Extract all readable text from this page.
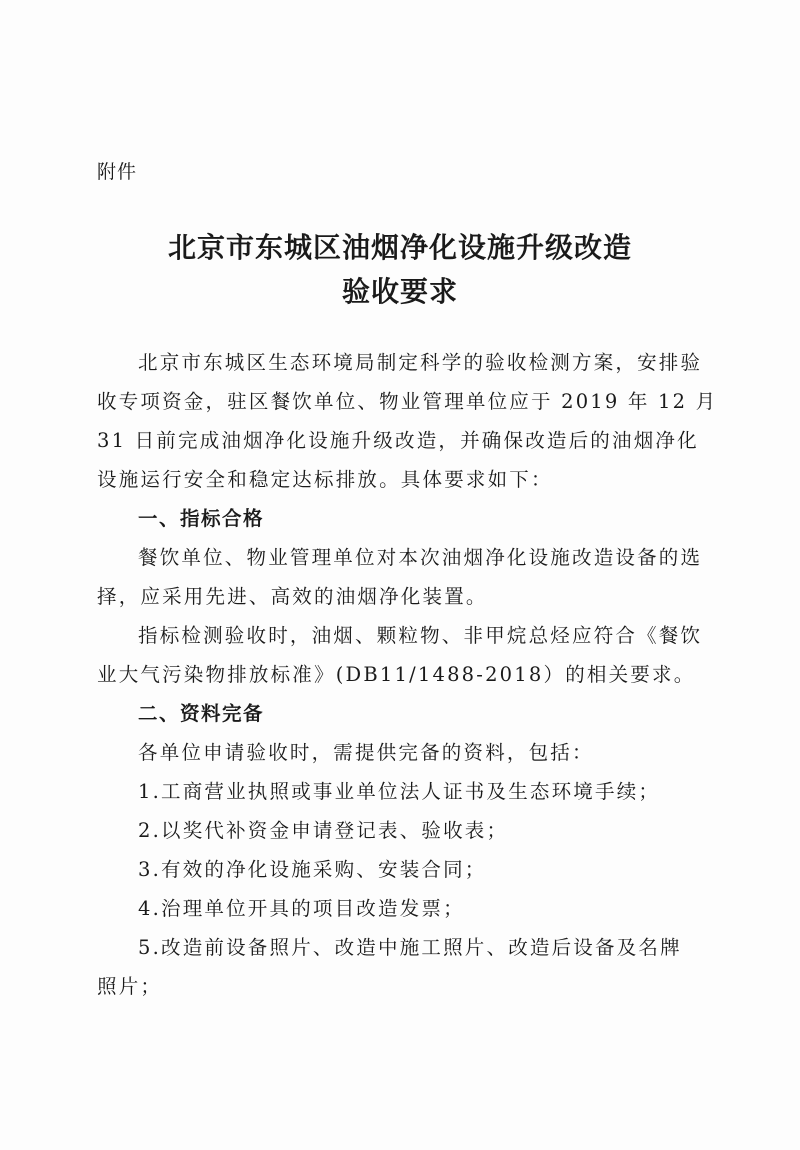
附件
北京市东城区油烟净化设施升级改造
验收要求
北京市东城区生态环境局制定科学的验收检测方案，安排验
收专项资金，驻区餐饮单位、物业管理单位应于 2019 年 12 月
31 日前完成油烟净化设施升级改造，并确保改造后的油烟净化
设施运行安全和稳定达标排放。具体要求如下：
一、指标合格
餐饮单位、物业管理单位对本次油烟净化设施改造设备的选
择，应采用先进、高效的油烟净化装置。
指标检测验收时，油烟、颗粒物、非甲烷总烃应符合《餐饮
业大气污染物排放标准》(DB11/1488-2018）的相关要求。
二、资料完备
各单位申请验收时，需提供完备的资料，包括：
1.工商营业执照或事业单位法人证书及生态环境手续；
2.以奖代补资金申请登记表、验收表；
3.有效的净化设施采购、安装合同；
4.治理单位开具的项目改造发票；
5.改造前设备照片、改造中施工照片、改造后设备及名牌
照片；
